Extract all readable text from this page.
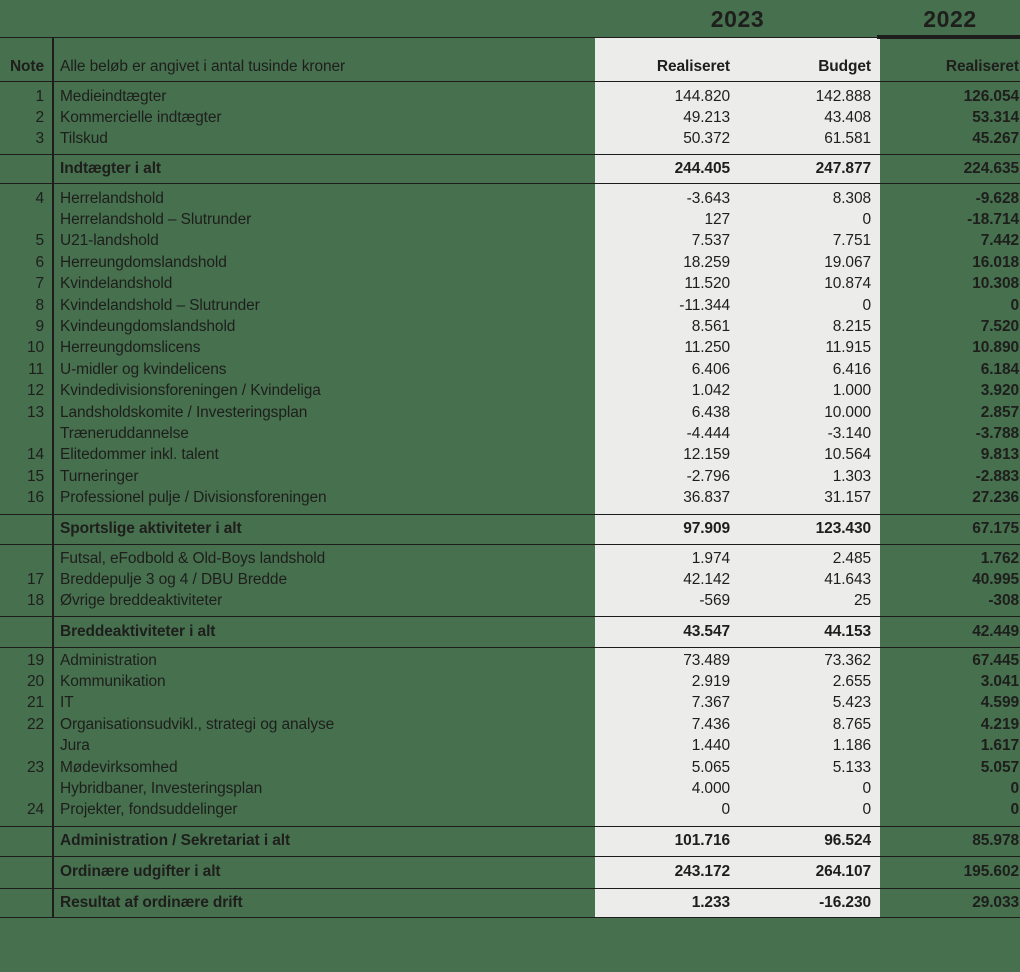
2023	2022
Note	Alle beløb er angivet i antal tusinde kroner	Realiseret	Budget	Realiseret
1	Medieindtægter	144.820	142.888	126.054
2	Kommercielle indtægter	49.213	43.408	53.314
3	Tilskud	50.372	61.581	45.267
Indtægter i alt	244.405	247.877	224.635
4	Herrelandshold	-3.643	8.308	-9.628
Herrelandshold – Slutrunder	127	0	-18.714
5	U21-landshold	7.537	7.751	7.442
6	Herreungdomslandshold	18.259	19.067	16.018
7	Kvindelandshold	11.520	10.874	10.308
8	Kvindelandshold – Slutrunder	-11.344	0	0
9	Kvindeungdomslandshold	8.561	8.215	7.520
10	Herreungdomslicens	11.250	11.915	10.890
11	U-midler og kvindelicens	6.406	6.416	6.184
12	Kvindedivisionsforeningen / Kvindeliga	1.042	1.000	3.920
13	Landsholdskomite / Investeringsplan	6.438	10.000	2.857
Træneruddannelse	-4.444	-3.140	-3.788
14	Elitedommer inkl. talent	12.159	10.564	9.813
15	Turneringer	-2.796	1.303	-2.883
16	Professionel pulje / Divisionsforeningen	36.837	31.157	27.236
Sportslige aktiviteter i alt	97.909	123.430	67.175
Futsal, eFodbold & Old-Boys landshold	1.974	2.485	1.762
17	Breddepulje 3 og 4 / DBU Bredde	42.142	41.643	40.995
18	Øvrige breddeaktiviteter	-569	25	-308
Breddeaktiviteter i alt	43.547	44.153	42.449
19	Administration	73.489	73.362	67.445
20	Kommunikation	2.919	2.655	3.041
21	IT	7.367	5.423	4.599
22	Organisationsudvikl., strategi og analyse	7.436	8.765	4.219
Jura	1.440	1.186	1.617
23	Mødevirksomhed	5.065	5.133	5.057
Hybridbaner, Investeringsplan	4.000	0	0
24	Projekter, fondsuddelinger	0	0	0
Administration / Sekretariat i alt	101.716	96.524	85.978
Ordinære udgifter i alt	243.172	264.107	195.602
Resultat af ordinære drift	1.233	-16.230	29.033
